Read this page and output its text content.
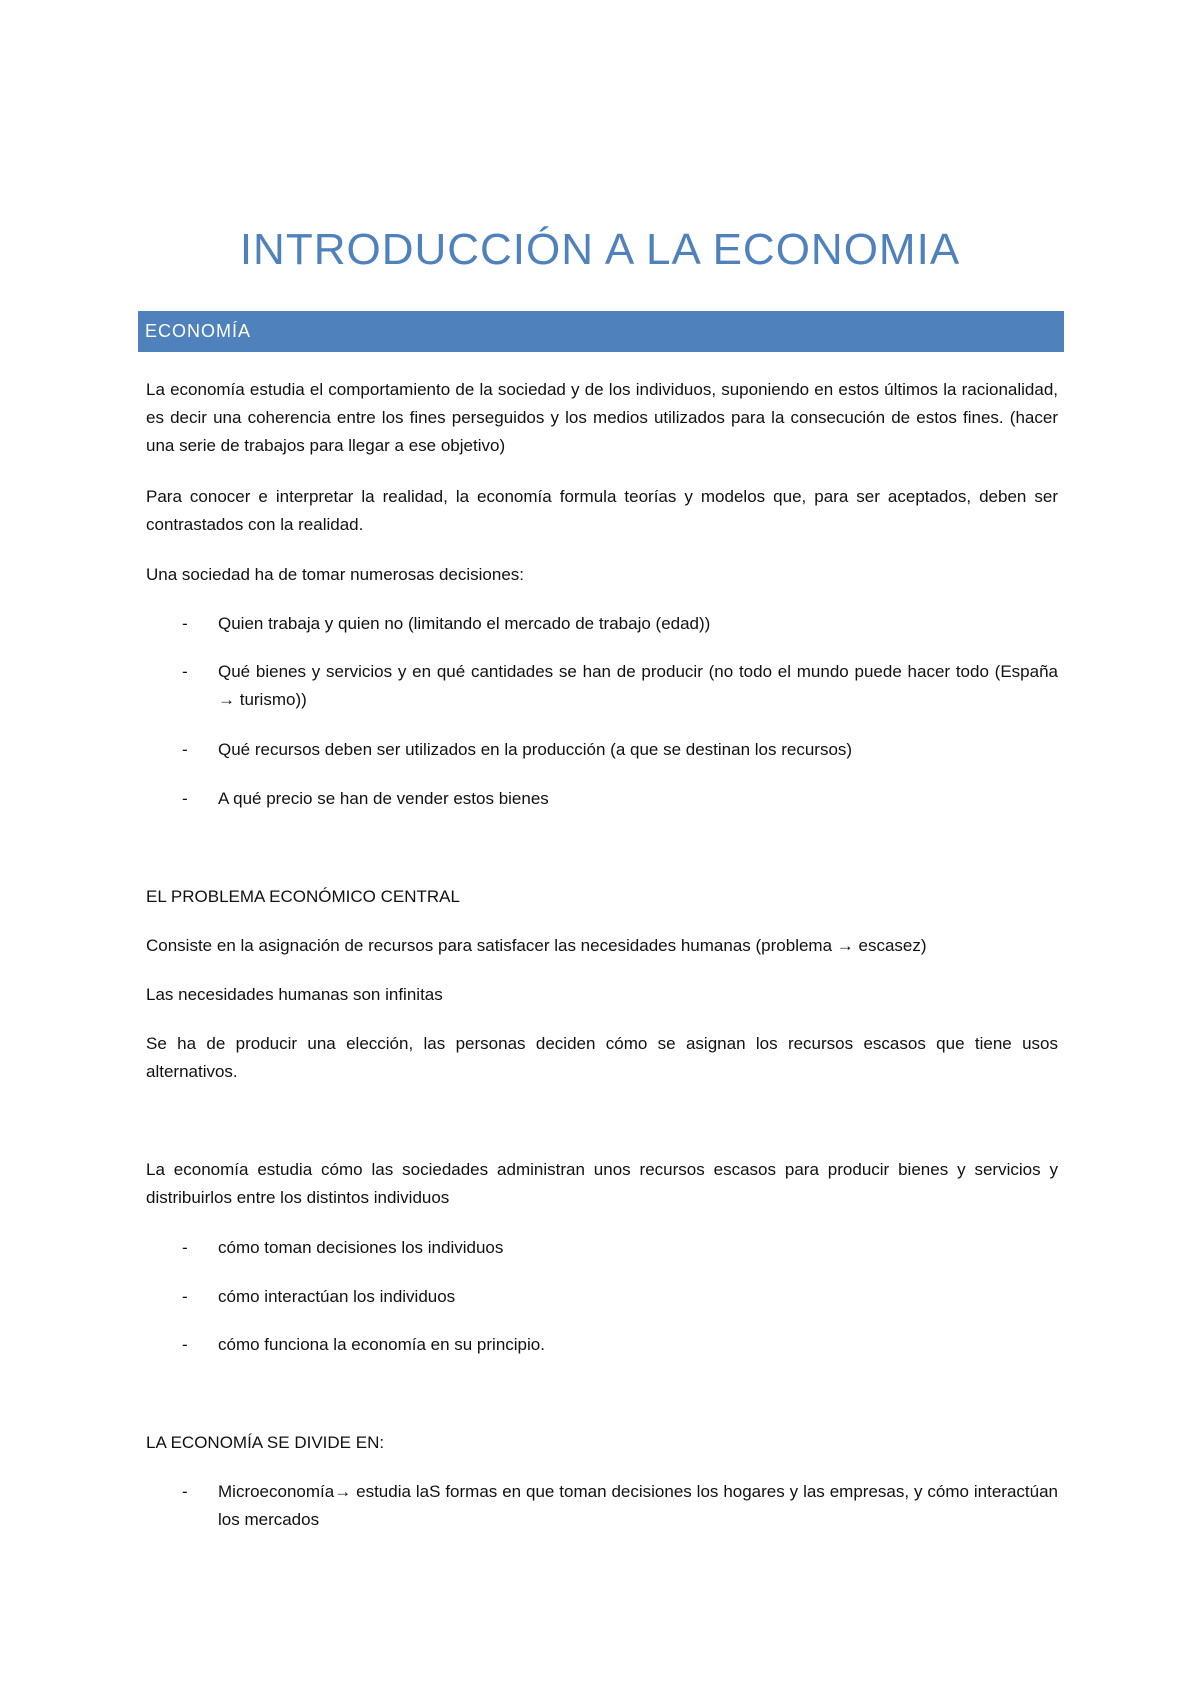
INTRODUCCIÓN A LA ECONOMIA
ECONOMÍA
La economía estudia el comportamiento de la sociedad y de los individuos, suponiendo en estos últimos la racionalidad, es decir una coherencia entre los fines perseguidos y los medios utilizados para la consecución de estos fines. (hacer una serie de trabajos para llegar a ese objetivo)
Para conocer e interpretar la realidad, la economía formula teorías y modelos que, para ser aceptados, deben ser contrastados con la realidad.
Una sociedad ha de tomar numerosas decisiones:
- Quien trabaja y quien no (limitando el mercado de trabajo (edad))
- Qué bienes y servicios y en qué cantidades se han de producir (no todo el mundo puede hacer todo (España → turismo))
- Qué recursos deben ser utilizados en la producción (a que se destinan los recursos)
- A qué precio se han de vender estos bienes
EL PROBLEMA ECONÓMICO CENTRAL
Consiste en la asignación de recursos para satisfacer las necesidades humanas (problema → escasez)
Las necesidades humanas son infinitas
Se ha de producir una elección, las personas deciden cómo se asignan los recursos escasos que tiene usos alternativos.
La economía estudia cómo las sociedades administran unos recursos escasos para producir bienes y servicios y distribuirlos entre los distintos individuos
- cómo toman decisiones los individuos
- cómo interactúan los individuos
- cómo funciona la economía en su principio.
LA ECONOMÍA SE DIVIDE EN:
- Microeconomía→ estudia laS formas en que toman decisiones los hogares y las empresas, y cómo interactúan los mercados
